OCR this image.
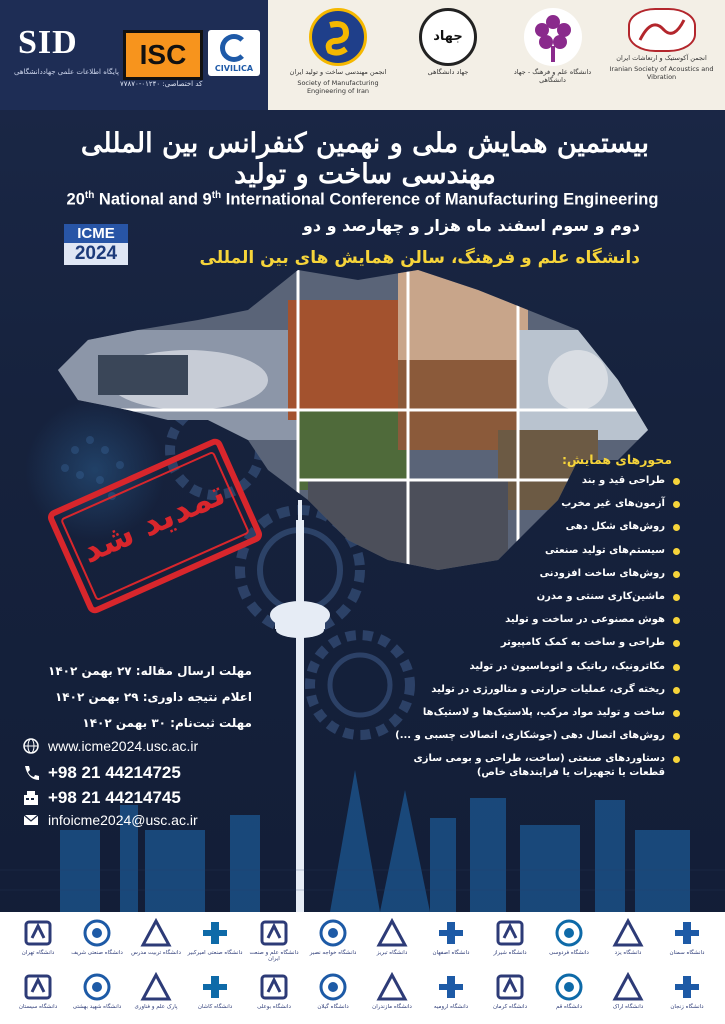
SID
پایگاه اطلاعات علمی جهاددانشگاهی
ISC	CIVILICA
کد اختصاصی: ۰۱۲۴۰-۷۷۸۷۰
انجمن مهندسی ساخت و تولید ایران
Society of Manufacturing Engineering of Iran
جهاد
جهاد دانشگاهی	دانشگاه علم و فرهنگ - جهاد دانشگاهی
انجمن آکوستیک و ارتعاشات ایران
Iranian Society of Acoustics and Vibration
بیستمین همایش ملی و نهمین کنفرانس بین المللی مهندسی ساخت و تولید
20th National and 9th International Conference of Manufacturing Engineering
ICME
2024
دوم و سوم اسفند ماه هزار و چهارصد و دو
دانشگاه علم و فرهنگ، سالن همایش های بین المللی
تمدید شد
محورهای همایش:
طراحی قید و بند
آزمون‌های غیر مخرب
روش‌های شکل دهی
سیستم‌های تولید صنعتی
روش‌های ساخت افزودنی
ماشین‌کاری سنتی و مدرن
هوش مصنوعی در ساخت و تولید
طراحی و ساخت به کمک کامپیوتر
مکاترونیک، رباتیک و اتوماسیون در تولید
ریخته گری، عملیات حرارتی و متالورژی در تولید
ساخت و تولید مواد مرکب، پلاستیک‌ها و لاستیک‌ها
روش‌های اتصال دهی (جوشکاری، اتصالات چسبی و ...)
دستاوردهای صنعتی (ساخت، طراحی و بومی سازی قطعات یا تجهیزات یا فرایندهای خاص)
مهلت ارسال مقاله: ۲۷ بهمن ۱۴۰۲
اعلام نتیجه داوری: ۲۹ بهمن ۱۴۰۲
مهلت ثبت‌نام: ۳۰ بهمن ۱۴۰۲
www.icme2024.usc.ac.ir
+98 21 44214725
+98 21 44214745
infoicme2024@usc.ac.ir
دانشگاه تهران	دانشگاه صنعتی شریف	دانشگاه تربیت مدرس	دانشگاه صنعتی امیرکبیر	دانشگاه علم و صنعت ایران
دانشگاه خواجه نصیر	دانشگاه تبریز	دانشگاه اصفهان	دانشگاه شیراز	دانشگاه فردوسی	دانشگاه یزد	دانشگاه سمنان
دانشگاه سیستان	دانشگاه شهید بهشتی	پارک علم و فناوری	دانشگاه کاشان	دانشگاه بوعلی	دانشگاه گیلان	دانشگاه مازندران	دانشگاه ارومیه	دانشگاه کرمان	دانشگاه قم	دانشگاه اراک	دانشگاه زنجان
